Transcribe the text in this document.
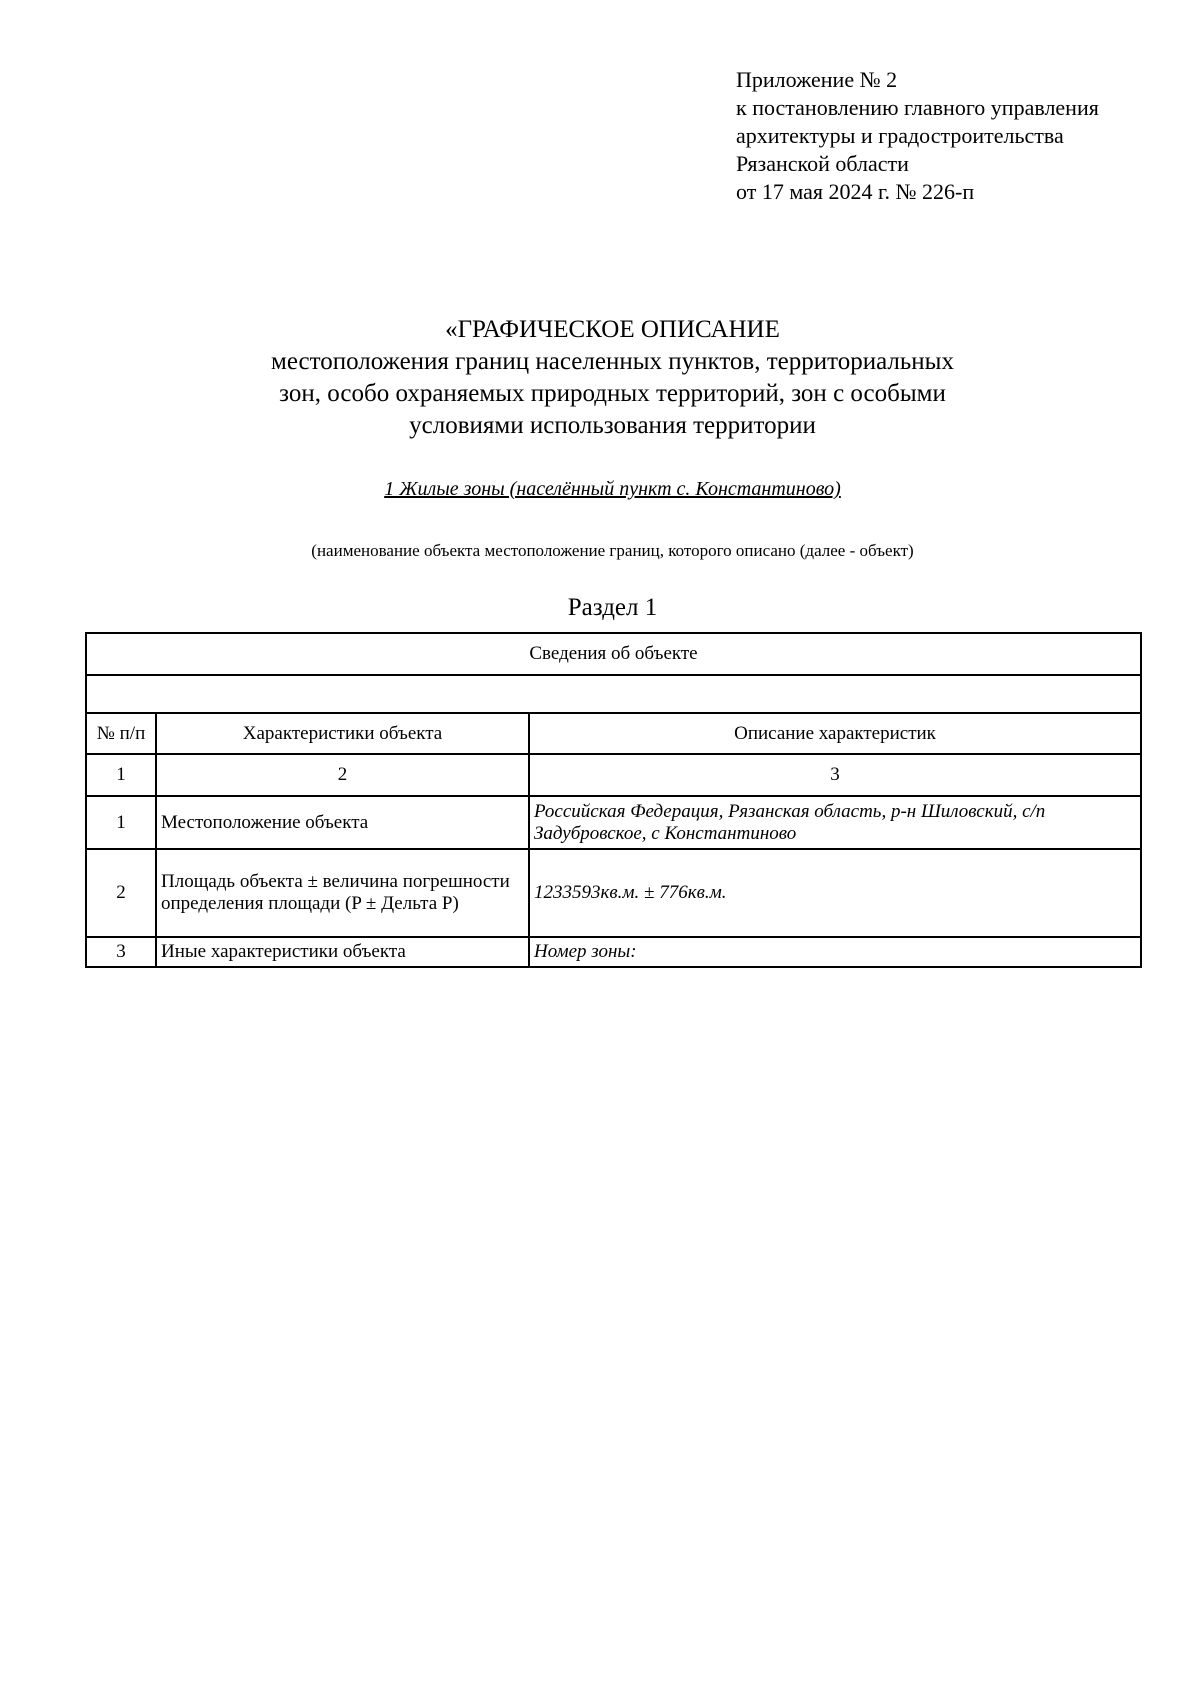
Приложение № 2
к постановлению главного управления
архитектуры и градостроительства
Рязанской области
от 17 мая 2024 г. № 226-п
«ГРАФИЧЕСКОЕ ОПИСАНИЕ
местоположения границ населенных пунктов, территориальных
зон, особо охраняемых природных территорий, зон с особыми
условиями использования территории
1 Жилые зоны (населённый пункт с. Константиново)
(наименование объекта местоположение границ, которого описано (далее - объект)
Раздел 1
Сведения об объекте		

№ п/п	Характеристики объекта	Описание характеристик
1	2	3
1	Местоположение объекта	Российская Федерация, Рязанская область, р-н Шиловский, с/п Задубровское, с Константиново
2	Площадь объекта ± величина погрешности определения площади (P ± Дельта P)	1233593кв.м. ± 776кв.м.
3	Иные характеристики объекта	Номер зоны:
